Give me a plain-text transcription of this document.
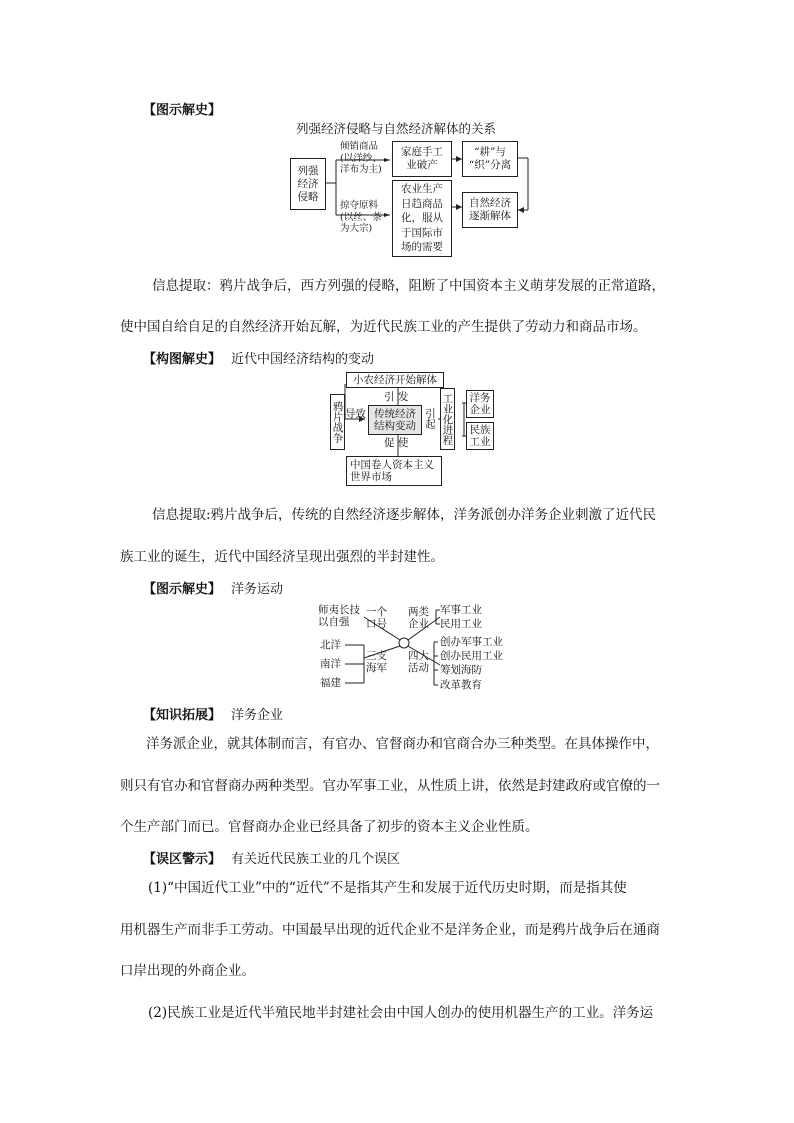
【图示解史】
列强经济侵略与自然经济解体的关系
列强
经济
侵略
倾销商品
(以洋纱、
洋布为主)
掠夺原料
(以丝、茶
为大宗)
家庭手工
业破产
农业生产
日趋商品
化，服从
于国际市
场的需要
“耕”与
“织”分离
自然经济
逐渐解体
信息提取：鸦片战争后，西方列强的侵略，阻断了中国资本主义萌芽发展的正常道路，
使中国自给自足的自然经济开始瓦解，为近代民族工业的产生提供了劳动力和商品市场。
【构图解史】 近代中国经济结构的变动
鸦片战争 导致
小农经济开始解体
引 发
传统经济
结构变动
促 使
中国卷人资本主义
世界市场
引起 工业化进程	洋务
企业
民族
工业
信息提取:鸦片战争后，传统的自然经济逐步解体，洋务派创办洋务企业刺激了近代民
族工业的诞生，近代中国经济呈现出强烈的半封建性。
【图示解史】 洋务运动
师夷长技
以自强
一个
口号
两类
企业
军事工业
民用工业
北洋
南洋
福建
三支
海军
四大
活动
创办军事工业
创办民用工业
筹划海防
改革教育
【知识拓展】 洋务企业
洋务派企业，就其体制而言，有官办、官督商办和官商合办三种类型。在具体操作中，
则只有官办和官督商办两种类型。官办军事工业，从性质上讲，依然是封建政府或官僚的一
个生产部门而已。官督商办企业已经具备了初步的资本主义企业性质。
【误区警示】 有关近代民族工业的几个误区
(1)“中国近代工业”中的“近代”不是指其产生和发展于近代历史时期，而是指其使
用机器生产而非手工劳动。中国最早出现的近代企业不是洋务企业，而是鸦片战争后在通商
口岸出现的外商企业。
(2)民族工业是近代半殖民地半封建社会由中国人创办的使用机器生产的工业。洋务运
